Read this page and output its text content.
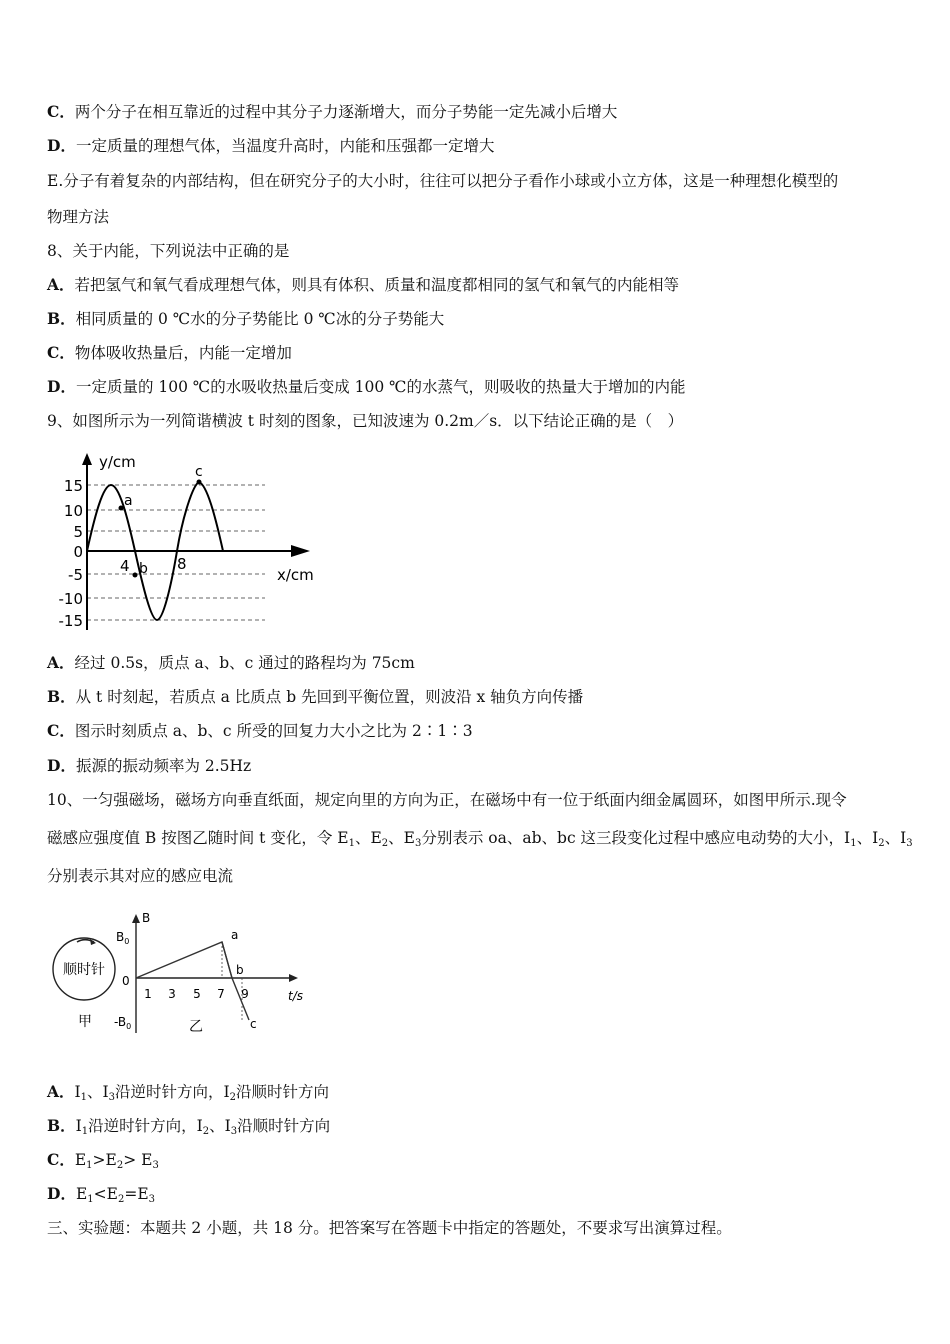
C．两个分子在相互靠近的过程中其分子力逐渐增大，而分子势能一定先减小后增大
D．一定质量的理想气体，当温度升高时，内能和压强都一定增大
E.分子有着复杂的内部结构，但在研究分子的大小时，往往可以把分子看作小球或小立方体，这是一种理想化模型的
物理方法
8、关于内能，下列说法中正确的是
A．若把氢气和氧气看成理想气体，则具有体积、质量和温度都相同的氢气和氧气的内能相等
B．相同质量的 0 ℃水的分子势能比 0 ℃冰的分子势能大
C．物体吸收热量后，内能一定增加
D．一定质量的 100 ℃的水吸收热量后变成 100 ℃的水蒸气，则吸收的热量大于增加的内能
9、如图所示为一列简谐横波 t 时刻的图象，已知波速为 0.2m／s．以下结论正确的是（　）
y/cm
x/cm
15
10
5
0
-5
-10
-15
4	8
a
b
c
A．经过 0.5s，质点 a、b、c 通过的路程均为 75cm
B．从 t 时刻起，若质点 a 比质点 b 先回到平衡位置，则波沿 x 轴负方向传播
C．图示时刻质点 a、b、c 所受的回复力大小之比为 2∶1∶3
D．振源的振动频率为 2.5Hz
10、一匀强磁场，磁场方向垂直纸面，规定向里的方向为正，在磁场中有一位于纸面内细金属圆环，如图甲所示.现令
磁感应强度值 B 按图乙随时间 t 变化，令 $E_1$、$E_2$、$E_3$分别表示 oa、ab、bc 这三段变化过程中感应电动势的大小，$I_1$、$I_2$、$I_3$
分别表示其对应的感应电流
顺时针
甲
B
$B_0$
$-B_0$
0
1 3 5 7 9	t/s
a
b
c
乙
A．$I_1$、$I_3$沿逆时针方向，$I_2$沿顺时针方向
B．$I_1$沿逆时针方向，$I_2$、$I_3$沿顺时针方向
C．$E_1>E_2> E_3$
D．$E_1<E_2=E_3$
三、实验题：本题共 2 小题，共 18 分。把答案写在答题卡中指定的答题处，不要求写出演算过程。
